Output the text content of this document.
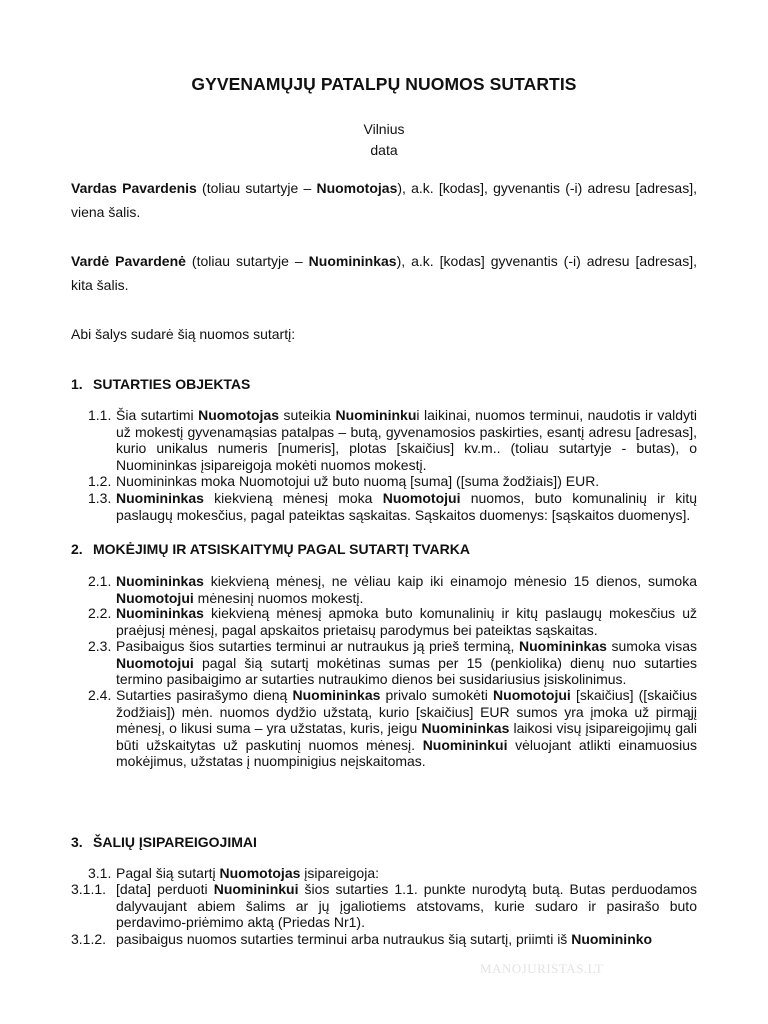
GYVENAMŲJŲ PATALPŲ NUOMOS SUTARTIS
Vilnius
data
Vardas Pavardenis (toliau sutartyje – Nuomotojas), a.k. [kodas], gyvenantis (-i) adresu [adresas], viena šalis.
Vardė Pavardenė (toliau sutartyje – Nuomininkas), a.k. [kodas] gyvenantis (-i) adresu [adresas], kita šalis.
Abi šalys sudarė šią nuomos sutartį:
1. SUTARTIES OBJEKTAS
1.1. Šia sutartimi Nuomotojas suteikia Nuomininkui laikinai, nuomos terminui, naudotis ir valdyti už mokestį gyvenamąsias patalpas – butą, gyvenamosios paskirties, esantį adresu [adresas], kurio unikalus numeris [numeris], plotas [skaičius] kv.m.. (toliau sutartyje - butas), o Nuomininkas įsipareigoja mokėti nuomos mokestį.
1.2. Nuomininkas moka Nuomotojui už buto nuomą [suma] ([suma žodžiais]) EUR.
1.3. Nuomininkas kiekvieną mėnesį moka Nuomotojui nuomos, buto komunalinių ir kitų paslaugų mokesčius, pagal pateiktas sąskaitas. Sąskaitos duomenys: [sąskaitos duomenys].
2. MOKĖJIMŲ IR ATSISKAITYMŲ PAGAL SUTARTĮ TVARKA
2.1. Nuomininkas kiekvieną mėnesį, ne vėliau kaip iki einamojo mėnesio 15 dienos, sumoka Nuomotojui mėnesinį nuomos mokestį.
2.2. Nuomininkas kiekvieną mėnesį apmoka buto komunalinių ir kitų paslaugų mokesčius už praėjusį mėnesį, pagal apskaitos prietaisų parodymus bei pateiktas sąskaitas.
2.3. Pasibaigus šios sutarties terminui ar nutraukus ją prieš terminą, Nuomininkas sumoka visas Nuomotojui pagal šią sutartį mokėtinas sumas per 15 (penkiolika) dienų nuo sutarties termino pasibaigimo ar sutarties nutraukimo dienos bei susidariusius įsiskolinimus.
2.4. Sutarties pasirašymo dieną Nuomininkas privalo sumokėti Nuomotojui [skaičius] ([skaičius žodžiais]) mėn. nuomos dydžio užstatą, kurio [skaičius] EUR sumos yra įmoka už pirmąjį mėnesį, o likusi suma – yra užstatas, kuris, jeigu Nuomininkas laikosi visų įsipareigojimų gali būti užskaitytas už paskutinį nuomos mėnesį. Nuomininkui vėluojant atlikti einamuosius mokėjimus, užstatas į nuompinigius neįskaitomas.
3. ŠALIŲ ĮSIPAREIGOJIMAI
3.1. Pagal šią sutartį Nuomotojas įsipareigoja:
3.1.1. [data] perduoti Nuomininkui šios sutarties 1.1. punkte nurodytą butą. Butas perduodamos dalyvaujant abiem šalims ar jų įgaliotiems atstovams, kurie sudaro ir pasirašo buto perdavimo-priėmimo aktą (Priedas Nr1).
3.1.2. pasibaigus nuomos sutarties terminui arba nutraukus šią sutartį, priimti iš Nuomininko
MANOJURISTAS.LT
